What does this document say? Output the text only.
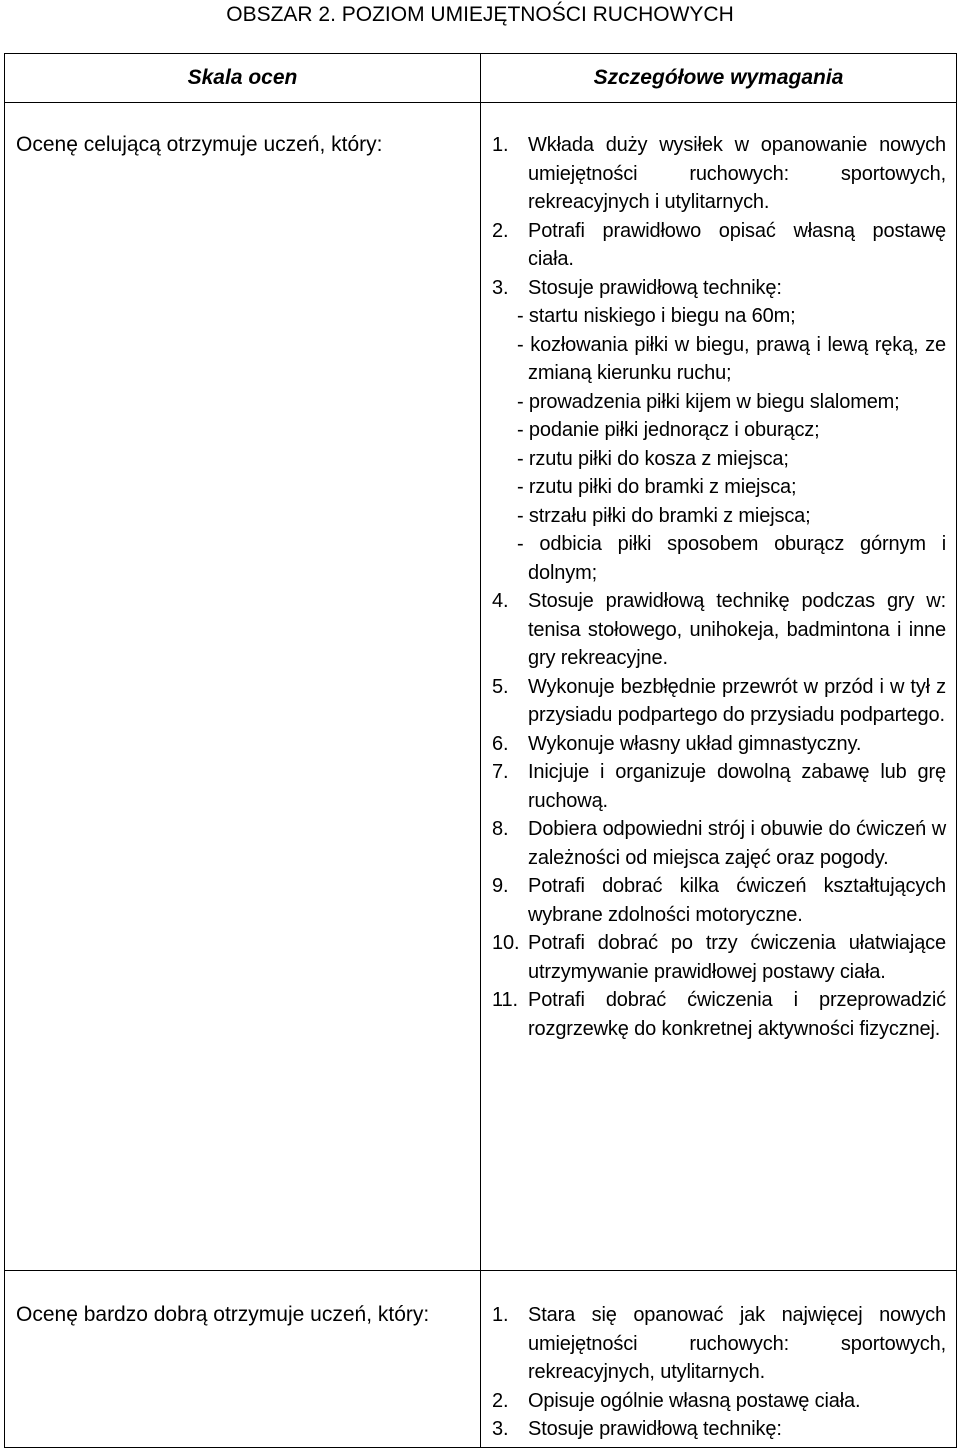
OBSZAR 2. POZIOM UMIEJĘTNOŚCI RUCHOWYCH
Skala ocen	Szczegółowe wymagania
Ocenę celującą otrzymuje uczeń, który:
Ocenę bardzo dobrą otrzymuje uczeń, który:
1. Wkłada duży wysiłek w opanowanie nowych umiejętności ruchowych: sportowych, rekreacyjnych i utylitarnych.
2. Potrafi prawidłowo opisać własną postawę ciała.
3. Stosuje prawidłową technikę:
- startu niskiego i biegu na 60m;
- kozłowania piłki w biegu, prawą i lewą ręką, ze zmianą kierunku ruchu;
- prowadzenia piłki kijem w biegu slalomem;
- podanie piłki jednorącz i oburącz;
- rzutu piłki do kosza z miejsca;
- rzutu piłki do bramki z miejsca;
- strzału piłki do bramki z miejsca;
- odbicia piłki sposobem oburącz górnym i dolnym;
4. Stosuje prawidłową technikę podczas gry w: tenisa stołowego, unihokeja, badmintona i inne gry rekreacyjne.
5. Wykonuje bezbłędnie przewrót w przód i w tył z przysiadu podpartego do przysiadu podpartego.
6. Wykonuje własny układ gimnastyczny.
7. Inicjuje i organizuje dowolną zabawę lub grę ruchową.
8. Dobiera odpowiedni strój i obuwie do ćwiczeń w zależności od miejsca zajęć oraz pogody.
9. Potrafi dobrać kilka ćwiczeń kształtujących wybrane zdolności motoryczne.
10. Potrafi dobrać po trzy ćwiczenia ułatwiające utrzymywanie prawidłowej postawy ciała.
11. Potrafi dobrać ćwiczenia i przeprowadzić rozgrzewkę do konkretnej aktywności fizycznej.
1. Stara się opanować jak najwięcej nowych umiejętności ruchowych: sportowych, rekreacyjnych, utylitarnych.
2. Opisuje ogólnie własną postawę ciała.
3. Stosuje prawidłową technikę:
